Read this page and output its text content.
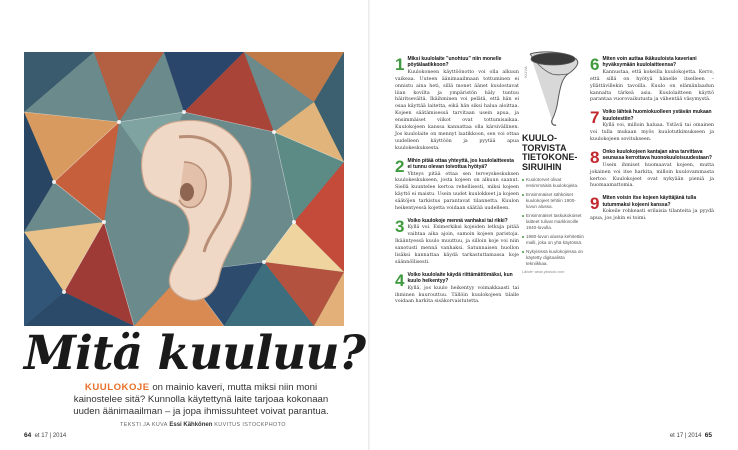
Mitä kuuluu?
KUULOKOJE on mainio kaveri, mutta miksi niin moni kainostelee sitä? Kunnolla käytettynä laite tarjoaa kokonaan uuden äänimaailman – ja jopa ihmissuhteet voivat parantua.
TEKSTI JA KUVA Essi Kähkönen KUVITUS ISTOCKPHOTO
64 et 17 | 2014
1 Miksi kuulolaite "unohtuu" niin monelle pöytälaatikkoon?
Kuulokoneen käyttöönotto voi olla alkuun vaikeaa. Uuteen äänimaailmaan tottuminen ei onnistu aina heti, sillä monet äänet kuulostavat liian kovilta ja ympäristön häly tuntuu häiritsevältä. Ikäihminen voi pelätä, että hän ei osaa käyttää laitetta, eikä hän siksi halua aloittaa. Kojeen säätämisessä tarvitaan usein apua, ja ensimmäiset viikot ovat tottumisaikaa. Kuulokojeen kanssa kannattaa olla kärsivällinen. Jos kuulolaite on mennyt laatikkoon, sen voi ottaa uudelleen käyttöön ja pyytää apua kuulokeskuksesta.
2 Mihin pitää ottaa yhteyttä, jos kuulolaitteesta ei tunnu olevan toivottua hyötyä?
Yhteys pitää ottaa sen terveyskeskuksen kuulokeskukseen, josta kojeen on alkuun saanut. Siellä kuuntelee kertoa rehellisesti, miksi kojeen käyttö ei maistu. Usein uudet kuulokkeet ja kojeen säätöjen tarkistus parantavat tilannetta. Kuulon heikentyessä kojetta voidaan säätää uudelleen.
3 Voiko kuulokoje mennä vanhaksi tai rikki?
Kyllä voi. Esimerkiksi kojeiden letkuja pitää vaihtaa aika ajoin, samoin kojeen paristoja. Ikääntyessä kuulo muuttuu, ja silloin koje voi niin sanotusti mennä vanhaksi. Satunnaisen huollon lisäksi kannattaa käydä tarkastuttamassa koje säännöllisesti.
4 Voiko kuulolaite käydä riittämättömäksi, kun kuulo heikentyy?
Kyllä, jos kuulo heikentyy voimakkaasti tai ihminen kuurouttuu. Tällöin kuulokojeen tilalle voidaan harkita sisäkorvaistutetta.
KUVA
KUULO-TORVISTA TIETOKONE-SIRUIHIN
Kuulotorvet olivat ensimmäisiä kuulokojeita.
Ensimmäiset sähköiset kuulokojeet tehtiin 1900-luvun alussa.
Ensimmäiset taskukokoiset laitteet tulivat markkinoille 1940-luvulla.
1980-luvun alussa kehitettiin malli, joka on yhä käytössä.
Nykyisissä kuulokojeissa on käytetty digitaalista tekniikkaa.
Lähde: www.yksisok.com
6 Miten voin auttaa ikäkuuloista kaveriani hyväksymään kuulolaitteensa?
Kannustaa, että kokeilla kuulokojetta. Kerro, että sillä on hyötyä hänelle itselleen – yllättävillekin tavoilla. Kuulo on elämänlaadun kannalta tärkeä asia. Kuulolaitteen käyttö parantaa vuorovaikutusta ja vähentää väsymystä.
7 Voiko lähteä huomiokuolleen ystävän mukaan kuulotestiin?
Kyllä voi, milloin haluaa. Ystävä tai omainen voi tulla mukaan myös kuulotutkimukseen ja kuulokojeen sovitukseen.
8 Onko kuulokojeen kantajan aina tarvittava seurassa kerrottava huonokuuloisuudestaan?
Usein ihmiset huomaavat kojeen, mutta jokainen voi itse harkita, milloin kuulovammasta kertoo. Kuulokojeet ovat nykyään pieniä ja huomaamattomia.
9 Miten voisin itse kojeen käyttäjänä tulla tutummaksi kojeeni kanssa?
Kokeile rohkeasti erilaisia tilanteita ja pyydä apua, jos jokin ei toimi.
et 17 | 2014 65
